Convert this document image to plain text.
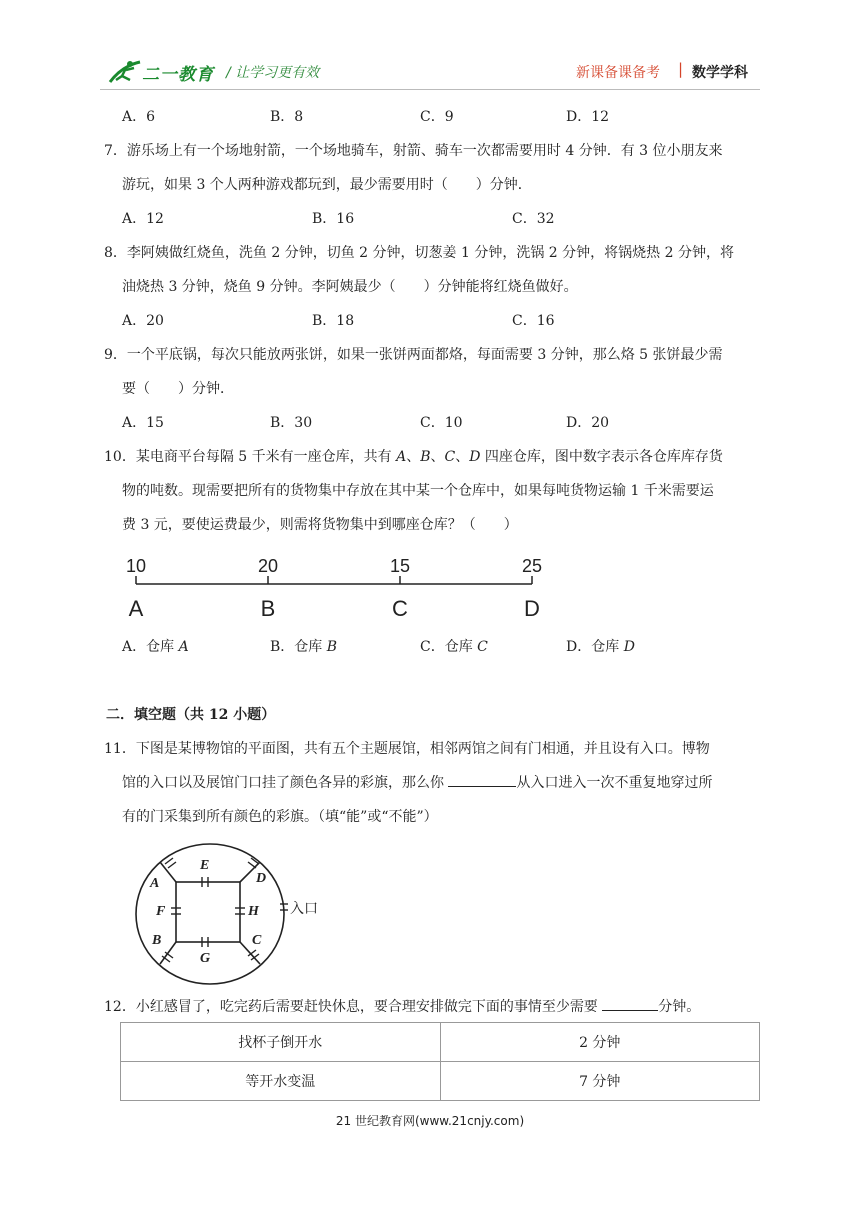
二一教育 / 让学习更有效	新课备课备考 | 数学学科
A．6	B．8	C．9	D．12
7．游乐场上有一个场地射箭，一个场地骑车，射箭、骑车一次都需要用时 4 分钟．有 3 位小朋友来
游玩，如果 3 个人两种游戏都玩到，最少需要用时（　　）分钟．
A．12	B．16	C．32
8．李阿姨做红烧鱼，洗鱼 2 分钟，切鱼 2 分钟，切葱姜 1 分钟，洗锅 2 分钟，将锅烧热 2 分钟，将
油烧热 3 分钟，烧鱼 9 分钟。李阿姨最少（　　）分钟能将红烧鱼做好。
A．20	B．18	C．16
9．一个平底锅，每次只能放两张饼，如果一张饼两面都烙，每面需要 3 分钟，那么烙 5 张饼最少需
要（　　）分钟．
A．15	B．30	C．10	D．20
10．某电商平台每隔 5 千米有一座仓库，共有 A、B、C、D 四座仓库，图中数字表示各仓库库存货
物的吨数。现需要把所有的货物集中存放在其中某一个仓库中，如果每吨货物运输 1 千米需要运
费 3 元，要使运费最少，则需将货物集中到哪座仓库？（　　）
10	20	15	25
A	B	C	D
A．仓库 A	B．仓库 B	C．仓库 C	D．仓库 D
二．填空题（共 12 小题）
11．下图是某博物馆的平面图，共有五个主题展馆，相邻两馆之间有门相通，并且设有入口。博物
馆的入口以及展馆门口挂了颜色各异的彩旗，那么你	从入口进入一次不重复地穿过所
有的门采集到所有颜色的彩旗。（填“能”或“不能”）
E
A	D
F	H
B
G
C
入口
12．小红感冒了，吃完药后需要赶快休息，要合理安排做完下面的事情至少需要	分钟。
找杯子倒开水	2 分钟
等开水变温	7 分钟
21 世纪教育网(www.21cnjy.com)
